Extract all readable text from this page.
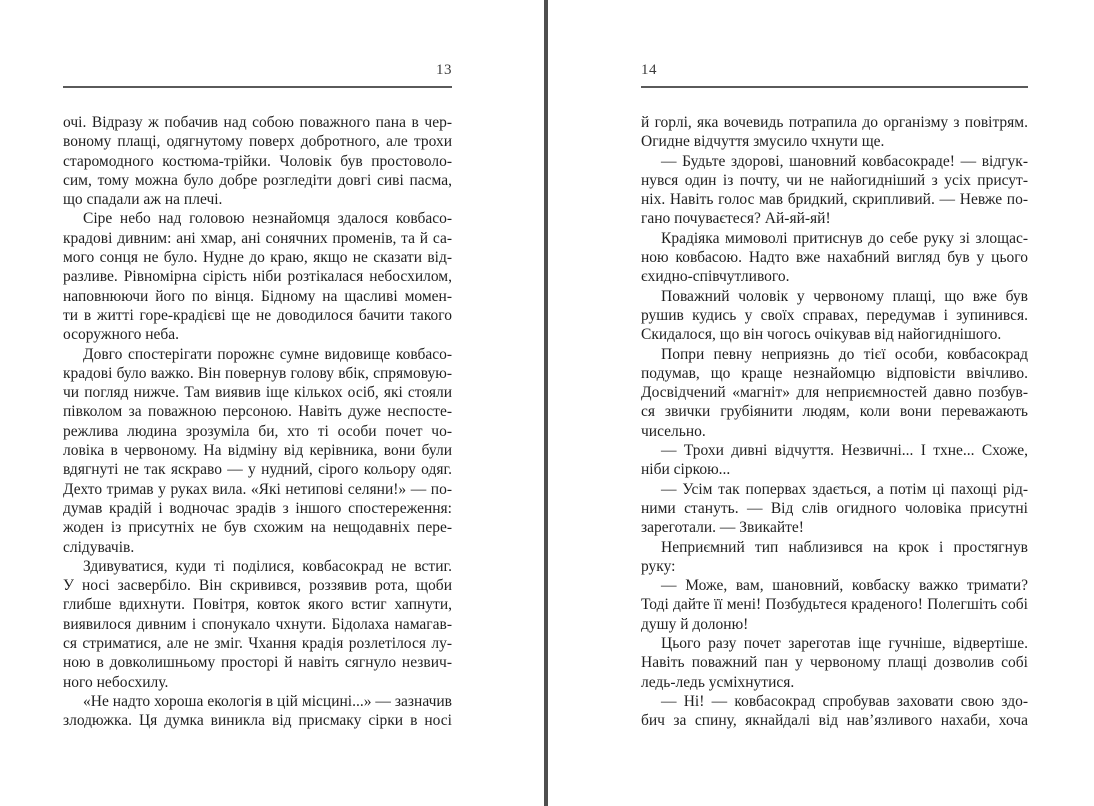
13
очі. Відразу ж побачив над собою поважного пана в чер-
воному плащі, одягнутому поверх добротного, але трохи
старомодного костюма-трійки. Чоловік був простоволо-
сим, тому можна було добре розгледіти довгі сиві пасма,
що спадали аж на плечі.
Сіре небо над головою незнайомця здалося ковбасо-
крадові дивним: ані хмар, ані сонячних променів, та й са-
мого сонця не було. Нудне до краю, якщо не сказати від-
разливе. Рівномірна сірість ніби розтікалася небосхилом,
наповнюючи його по вінця. Бідному на щасливі момен-
ти в житті горе-крадієві ще не доводилося бачити такого
осоружного неба.
Довго спостерігати порожнє сумне видовище ковбасо-
крадові було важко. Він повернув голову вбік, спрямовую-
чи погляд нижче. Там виявив іще кількох осіб, які стояли
півколом за поважною персоною. Навіть дуже неспосте-
режлива людина зрозуміла би, хто ті особи почет чо-
ловіка в червоному. На відміну від керівника, вони були
вдягнуті не так яскраво — у нудний, сірого кольору одяг.
Дехто тримав у руках вила. «Які нетипові селяни!» — по-
думав крадій і водночас зрадів з іншого спостереження:
жоден із присутніх не був схожим на нещодавніх пере-
слідувачів.
Здивуватися, куди ті поділися, ковбасокрад не встиг.
У носі засвербіло. Він скривився, роззявив рота, щоби
глибше вдихнути. Повітря, ковток якого встиг хапнути,
виявилося дивним і спонукало чхнути. Бідолаха намагав-
ся стриматися, але не зміг. Чхання крадія розлетілося лу-
ною в довколишньому просторі й навіть сягнуло незвич-
ного небосхилу.
«Не надто хороша екологія в цій місцині...» — зазначив
злодюжка. Ця думка виникла від присмаку сірки в носі
14
й горлі, яка вочевидь потрапила до організму з повітрям.
Огидне відчуття змусило чхнути ще.
— Будьте здорові, шановний ковбасокраде! — відгук-
нувся один із почту, чи не найогидніший з усіх присут-
ніх. Навіть голос мав бридкий, скрипливий. — Невже по-
гано почуваєтеся? Ай-яй-яй!
Крадіяка мимоволі притиснув до себе руку зі злощас-
ною ковбасою. Надто вже нахабний вигляд був у цього
єхидно-співчутливого.
Поважний чоловік у червоному плащі, що вже був
рушив кудись у своїх справах, передумав і зупинився.
Скидалося, що він чогось очікував від найогиднішого.
Попри певну неприязнь до тієї особи, ковбасокрад
подумав, що краще незнайомцю відповісти ввічливо.
Досвідчений «магніт» для неприємностей давно позбув-
ся звички грубіянити людям, коли вони переважають
чисельно.
— Трохи дивні відчуття. Незвичні... І тхне... Схоже,
ніби сіркою...
— Усім так попервах здається, а потім ці пахощі рід-
ними стануть. — Від слів огидного чоловіка присутні
зареготали. — Звикайте!
Неприємний тип наблизився на крок і простягнув
руку:
— Може, вам, шановний, ковбаску важко тримати?
Тоді дайте її мені! Позбудьтеся краденого! Полегшіть собі
душу й долоню!
Цього разу почет зареготав іще гучніше, відвертіше.
Навіть поважний пан у червоному плащі дозволив собі
ледь-ледь усміхнутися.
— Ні! — ковбасокрад спробував заховати свою здо-
бич за спину, якнайдалі від нав’язливого нахаби, хоча
